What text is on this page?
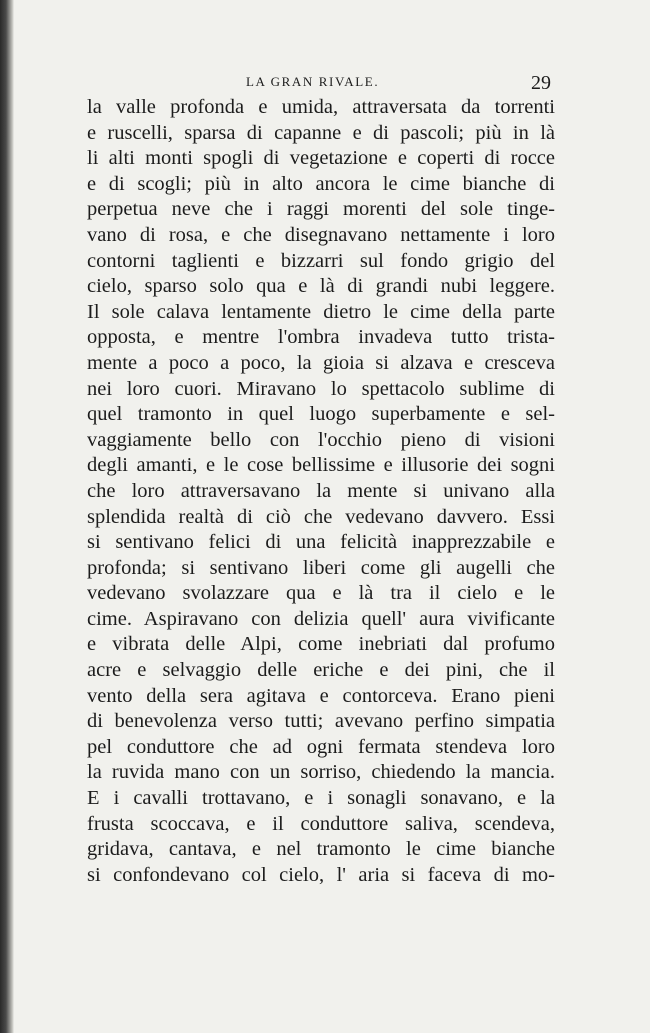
LA GRAN RIVALE.	29
la valle profonda e umida, attraversata da torrenti
e ruscelli, sparsa di capanne e di pascoli; più in là
li alti monti spogli di vegetazione e coperti di rocce
e di scogli; più in alto ancora le cime bianche di
perpetua neve che i raggi morenti del sole tinge-
vano di rosa, e che disegnavano nettamente i loro
contorni taglienti e bizzarri sul fondo grigio del
cielo, sparso solo qua e là di grandi nubi leggere.
Il sole calava lentamente dietro le cime della parte
opposta, e mentre l'ombra invadeva tutto trista-
mente a poco a poco, la gioia si alzava e cresceva
nei loro cuori. Miravano lo spettacolo sublime di
quel tramonto in quel luogo superbamente e sel-
vaggiamente bello con l'occhio pieno di visioni
degli amanti, e le cose bellissime e illusorie dei sogni
che loro attraversavano la mente si univano alla
splendida realtà di ciò che vedevano davvero. Essi
si sentivano felici di una felicità inapprezzabile e
profonda; si sentivano liberi come gli augelli che
vedevano svolazzare qua e là tra il cielo e le
cime. Aspiravano con delizia quell' aura vivificante
e vibrata delle Alpi, come inebriati dal profumo
acre e selvaggio delle eriche e dei pini, che il
vento della sera agitava e contorceva. Erano pieni
di benevolenza verso tutti; avevano perfino simpatia
pel conduttore che ad ogni fermata stendeva loro
la ruvida mano con un sorriso, chiedendo la mancia.
E i cavalli trottavano, e i sonagli sonavano, e la
frusta scoccava, e il conduttore saliva, scendeva,
gridava, cantava, e nel tramonto le cime bianche
si confondevano col cielo, l' aria si faceva di mo-
